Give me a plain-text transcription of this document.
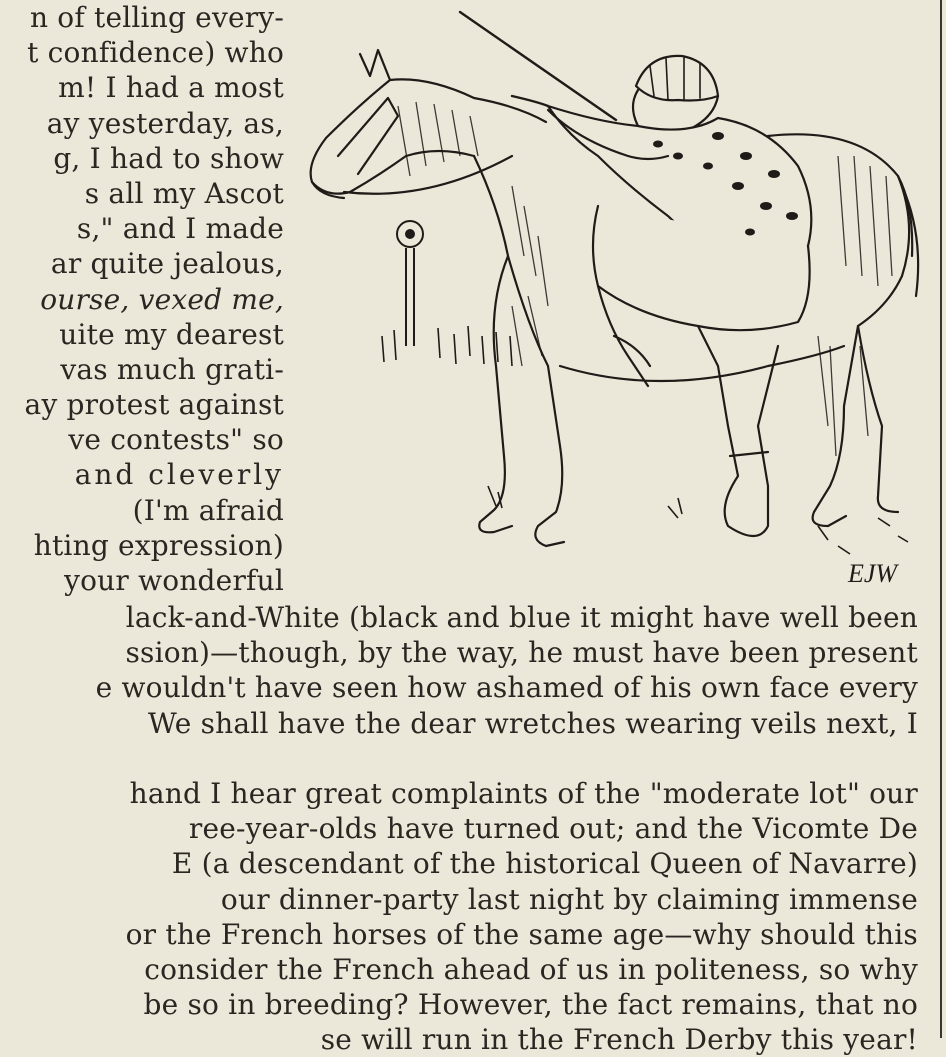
n of telling every-
t confidence) who
m! I had a most
ay yesterday, as,
g, I had to show
s all my Ascot
s," and I made
ar quite jealous,
ourse, vexed me,
uite my dearest
vas much grati-
ay protest against
ve contests" so
and cleverly
(I'm afraid
hting expression)
your wonderful	EJW
lack-and-White (black and blue it might have well been
ssion)—though, by the way, he must have been present
e wouldn't have seen how ashamed of his own face every
We shall have the dear wretches wearing veils next, I
hand I hear great complaints of the "moderate lot" our
ree-year-olds have turned out; and the Vicomte De
E (a descendant of the historical Queen of Navarre)
our dinner-party last night by claiming immense
or the French horses of the same age—why should this
consider the French ahead of us in politeness, so why
be so in breeding? However, the fact remains, that no
se will run in the French Derby this year!
